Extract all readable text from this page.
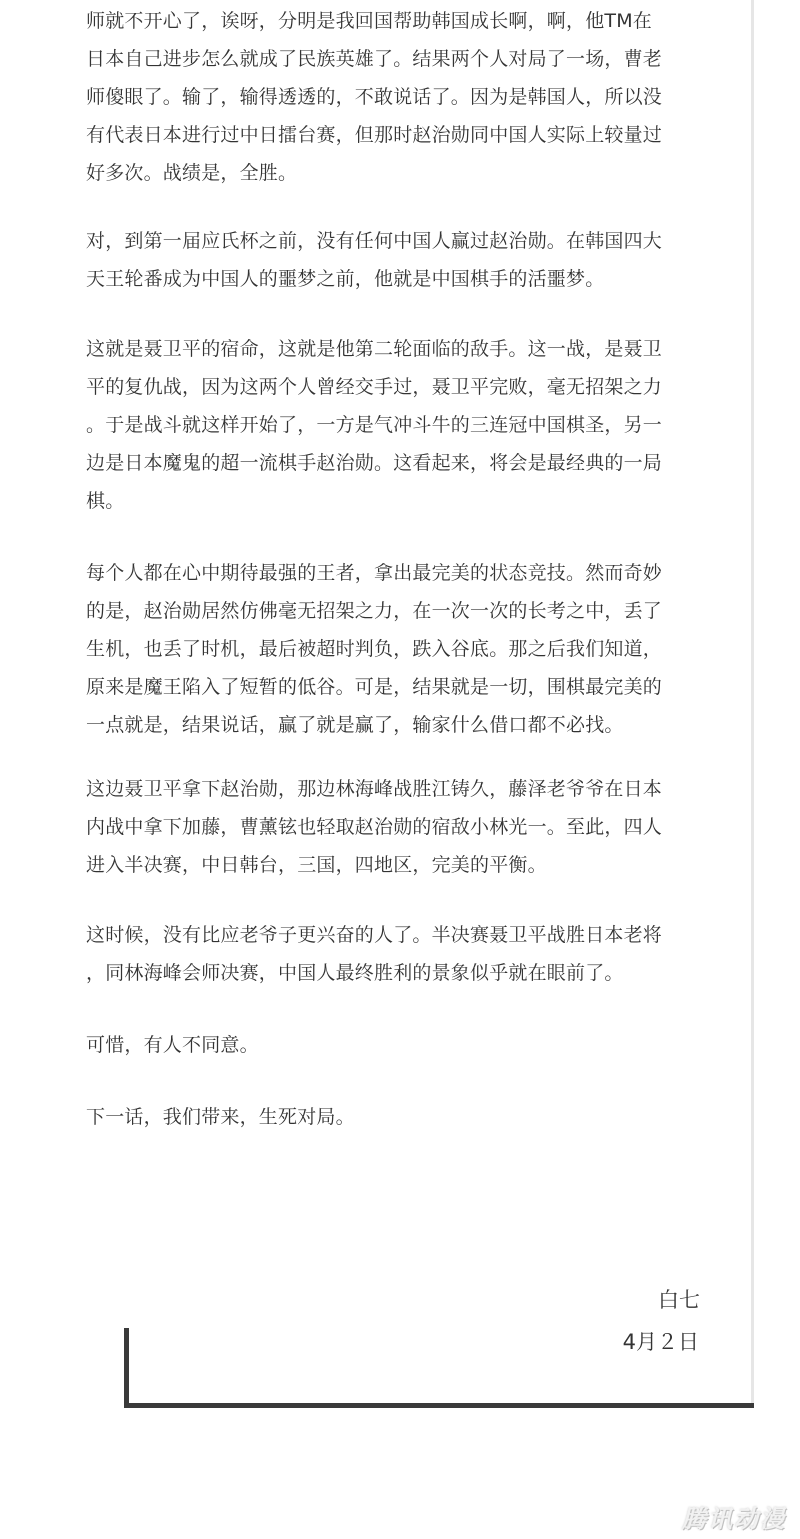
师就不开心了，诶呀，分明是我回国帮助韩国成长啊，啊，他TM在
日本自己进步怎么就成了民族英雄了。结果两个人对局了一场，曹老
师傻眼了。输了，输得透透的，不敢说话了。因为是韩国人，所以没
有代表日本进行过中日擂台赛，但那时赵治勋同中国人实际上较量过
好多次。战绩是，全胜。

对，到第一届应氏杯之前，没有任何中国人赢过赵治勋。在韩国四大
天王轮番成为中国人的噩梦之前，他就是中国棋手的活噩梦。

这就是聂卫平的宿命，这就是他第二轮面临的敌手。这一战，是聂卫
平的复仇战，因为这两个人曾经交手过，聂卫平完败，毫无招架之力
。于是战斗就这样开始了，一方是气冲斗牛的三连冠中国棋圣，另一
边是日本魔鬼的超一流棋手赵治勋。这看起来，将会是最经典的一局
棋。

每个人都在心中期待最强的王者，拿出最完美的状态竞技。然而奇妙
的是，赵治勋居然仿佛毫无招架之力，在一次一次的长考之中，丢了
生机，也丢了时机，最后被超时判负，跌入谷底。那之后我们知道，
原来是魔王陷入了短暂的低谷。可是，结果就是一切，围棋最完美的
一点就是，结果说话，赢了就是赢了，输家什么借口都不必找。

这边聂卫平拿下赵治勋，那边林海峰战胜江铸久，藤泽老爷爷在日本
内战中拿下加藤，曹薰铉也轻取赵治勋的宿敌小林光一。至此，四人
进入半决赛，中日韩台，三国，四地区，完美的平衡。

这时候，没有比应老爷子更兴奋的人了。半决赛聂卫平战胜日本老将
，同林海峰会师决赛，中国人最终胜利的景象似乎就在眼前了。

可惜，有人不同意。

下一话，我们带来，生死对局。

白七
4月２日
腾讯动漫
